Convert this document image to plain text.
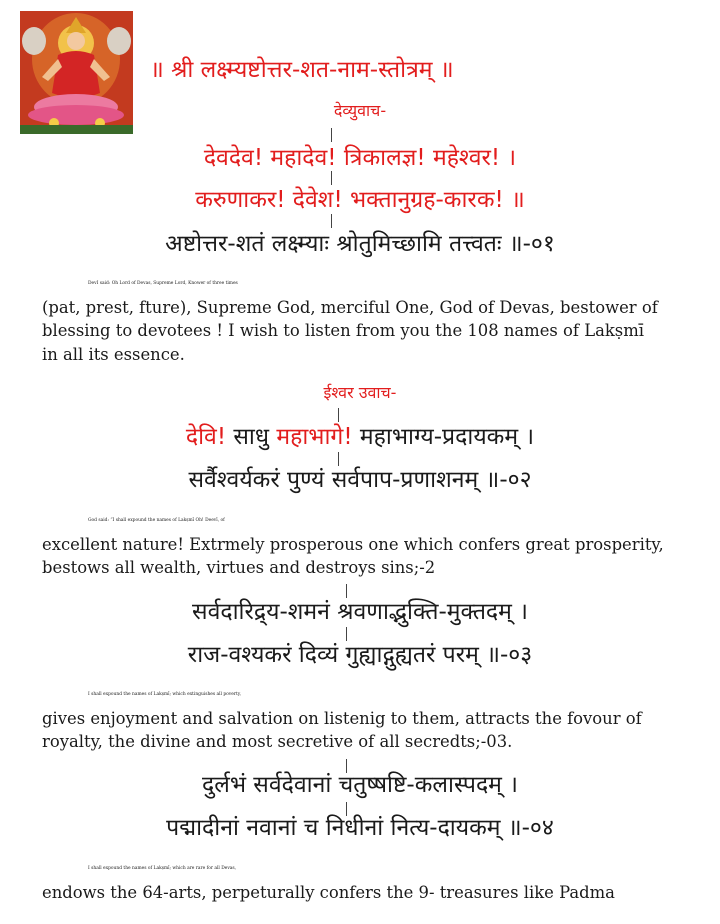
॥ श्री लक्ष्म्यष्टोत्तर-शत-नाम-स्तोत्रम् ॥
देव्युवाच-
देवदेव! महादेव! त्रिकालज्ञ! महेश्वर! ।
करुणाकर! देवेश! भक्तानुग्रह-कारक! ॥
अष्टोत्तर-शतं लक्ष्म्याः श्रोतुमिच्छामि तत्त्वतः ॥-०१
DevI said: Oh Lord of Devas, Supreme Lord, Knower of three times
(pat, prest, fture), Supreme God, merciful One, God of Devas, bestower of
blessing to devotees ! I wish to listen from you the 108 names of Lakṣmī
in all its essence.
ईश्वर उवाच-
देवि! साधु महाभागे! महाभाग्य-प्रदायकम् ।
सर्वैश्वर्यकरं पुण्यं सर्वपाप-प्रणाशनम् ॥-०२
God said: “I shall expound the names of Lakṣmī Oh! Deevī, of
excellent nature! Extrmely prosperous one which confers great prosperity,
bestows all wealth, virtues and destroys sins;-2
सर्वदारिद्र्य-शमनं श्रवणाद्भुक्ति-मुक्तदम् ।
राज-वश्यकरं दिव्यं गुह्याद्गुह्यतरं परम् ॥-०३
I shall expound the names of Lakṣmī; which extinguishes all poverty,
gives enjoyment and salvation on listenig to them, attracts the fovour of
royalty, the divine and most secretive of all secredts;-03.
दुर्लभं सर्वदेवानां चतुष्षष्टि-कलास्पदम् ।
पद्मादीनां नवानां च निधीनां नित्य-दायकम् ॥-०४
I shall expound the names of Lakṣmī; which are rare for all Devas,
endows the 64-arts, perpeturally confers the 9- treasures like Padma
